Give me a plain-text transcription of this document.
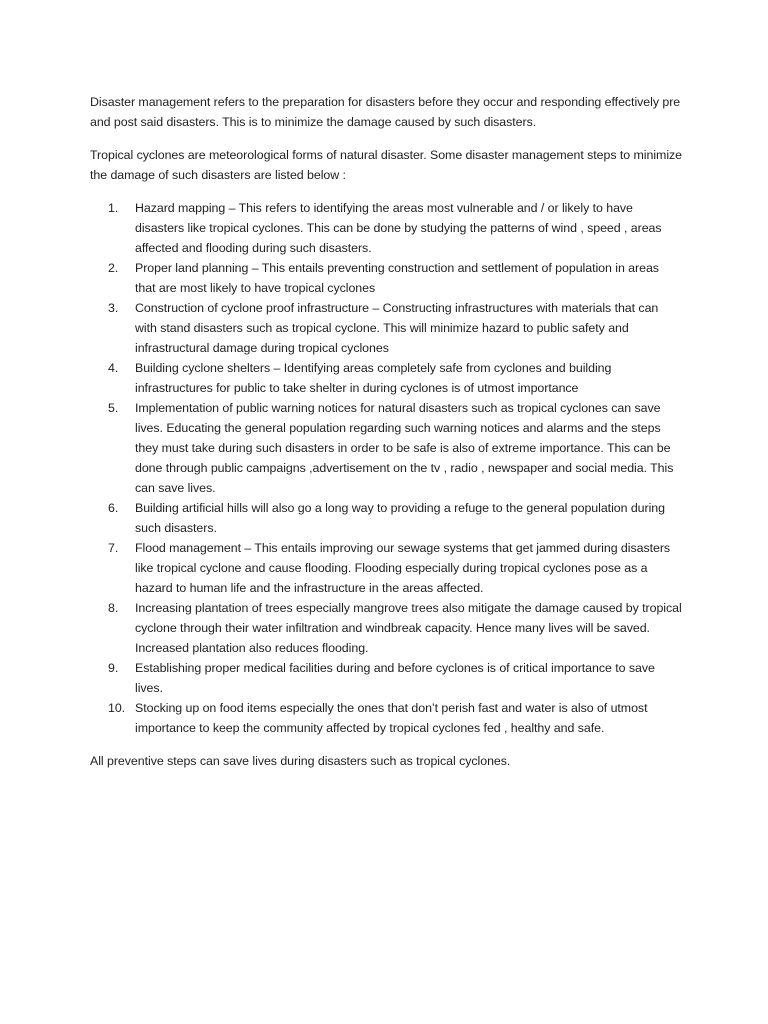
Disaster management refers to the preparation for disasters before they occur and responding effectively pre and post said disasters. This is to minimize the damage caused by such disasters.

Tropical cyclones are meteorological forms of natural disaster. Some disaster management steps to minimize the damage of such disasters are listed below :

1.	Hazard mapping – This refers to identifying the areas most vulnerable and / or likely to have disasters like tropical cyclones. This can be done by studying the patterns of wind , speed , areas affected and flooding during such disasters.
2.	Proper land planning – This entails preventing construction and settlement of population in areas that are most likely to have tropical cyclones
3.	Construction of cyclone proof infrastructure – Constructing infrastructures with materials that can with stand disasters such as tropical cyclone. This will minimize hazard to public safety and infrastructural damage during tropical cyclones
4.	Building cyclone shelters – Identifying areas completely safe from cyclones and building infrastructures for public to take shelter in during cyclones is of utmost importance
5.	Implementation of public warning notices for natural disasters such as tropical cyclones can save lives. Educating the general population regarding such warning notices and alarms and the steps they must take during such disasters in order to be safe is also of extreme importance. This can be done through public campaigns ,advertisement on the tv , radio , newspaper and social media. This can save lives.
6.	Building artificial hills will also go a long way to providing a refuge to the general population during such disasters.
7.	Flood management – This entails improving our sewage systems that get jammed during disasters like tropical cyclone and cause flooding. Flooding especially during tropical cyclones pose as a hazard to human life and the infrastructure in the areas affected.
8.	Increasing plantation of trees especially mangrove trees also mitigate the damage caused by tropical cyclone through their water infiltration and windbreak capacity. Hence many lives will be saved. Increased plantation also reduces flooding.
9.	Establishing proper medical facilities during and before cyclones is of critical importance to save lives.
10. Stocking up on food items especially the ones that don’t perish fast and water is also of utmost importance to keep the community affected by tropical cyclones fed , healthy and safe.

All preventive steps can save lives during disasters such as tropical cyclones.
